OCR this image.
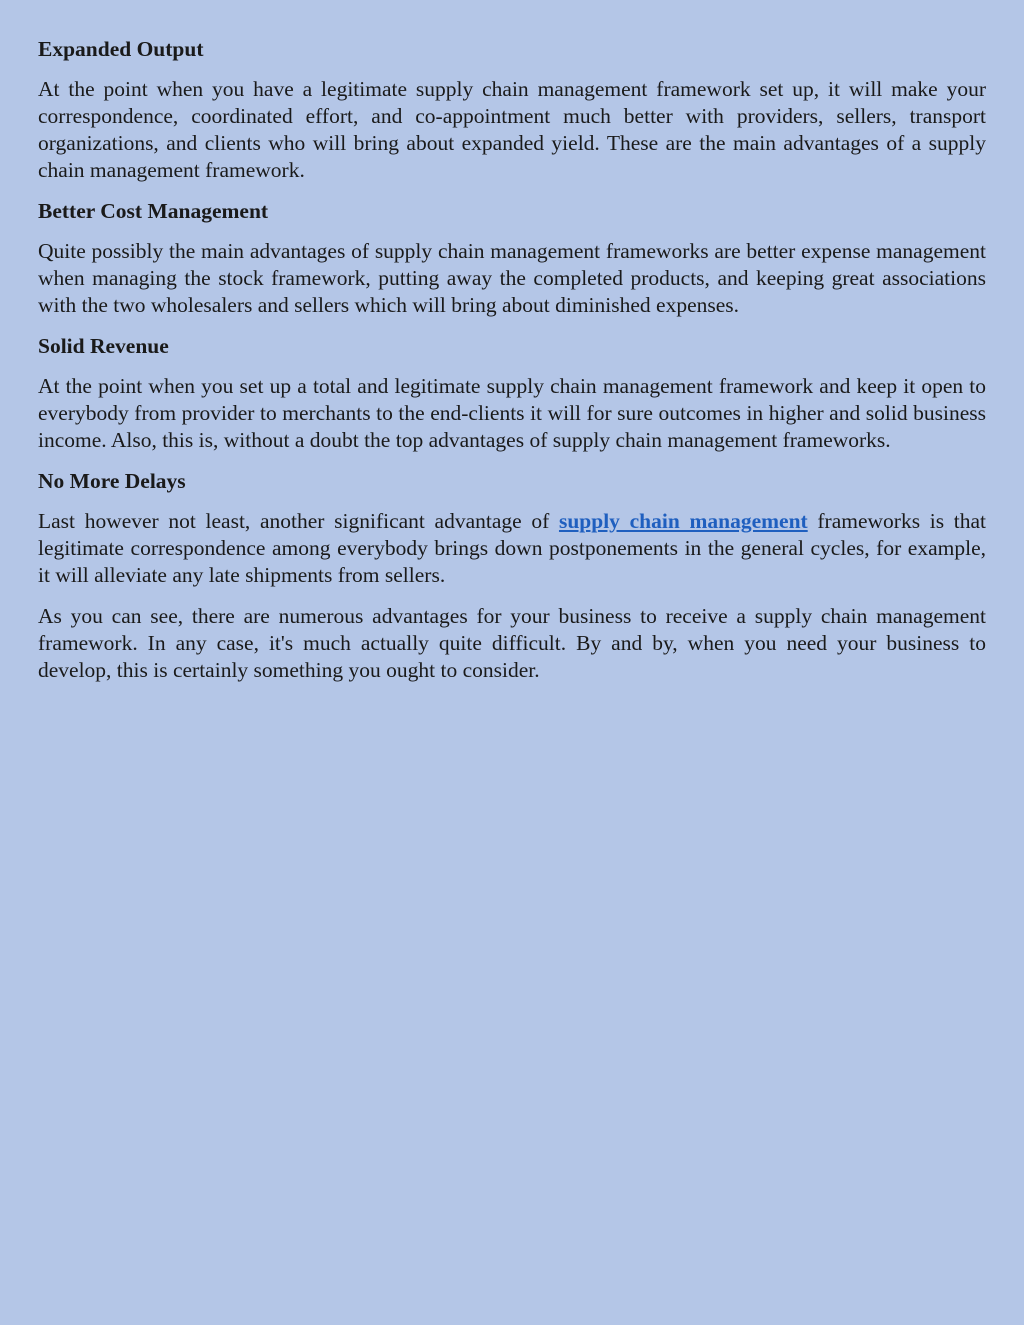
Expanded Output

At the point when you have a legitimate supply chain management framework set up, it will make your correspondence, coordinated effort, and co-appointment much better with providers, sellers, transport organizations, and clients who will bring about expanded yield. These are the main advantages of a supply chain management framework.

Better Cost Management

Quite possibly the main advantages of supply chain management frameworks are better expense management when managing the stock framework, putting away the completed products, and keeping great associations with the two wholesalers and sellers which will bring about diminished expenses.

Solid Revenue

At the point when you set up a total and legitimate supply chain management framework and keep it open to everybody from provider to merchants to the end-clients it will for sure outcomes in higher and solid business income. Also, this is, without a doubt the top advantages of supply chain management frameworks.

No More Delays

Last however not least, another significant advantage of supply chain management frameworks is that legitimate correspondence among everybody brings down postponements in the general cycles, for example, it will alleviate any late shipments from sellers.

As you can see, there are numerous advantages for your business to receive a supply chain management framework. In any case, it's much actually quite difficult. By and by, when you need your business to develop, this is certainly something you ought to consider.
